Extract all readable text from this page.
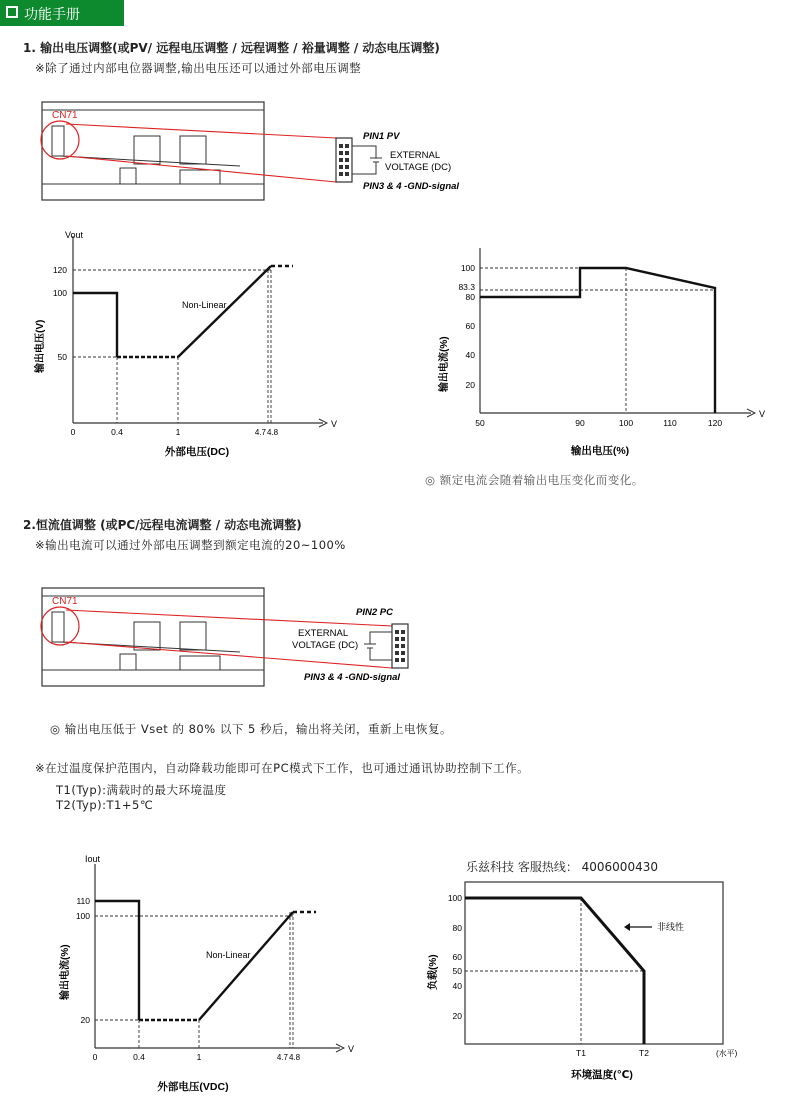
功能手册
1. 输出电压调整(或PV/ 远程电压调整 / 远程调整 / 裕量调整 / 动态电压调整)
※除了通过内部电位器调整,输出电压还可以通过外部电压调整
CN71
PIN1 PV
EXTERNAL
VOLTAGE (DC)
PIN3 & 4 -GND-signal
Vout
V
Non-Linear
120
100
50
0	0.4	1	4.7 4.8
输出电压(V)
外部电压(DC)
V
100
83.3
80
60
40
20
50	90	100	110	120
输出电流(%)
输出电压(%)
◎ 额定电流会随着输出电压变化而变化。
2.恒流值调整 (或PC/远程电流调整 / 动态电流调整)
※输出电流可以通过外部电压调整到额定电流的20~100%
CN71
PIN2 PC
EXTERNAL
VOLTAGE (DC)
PIN3 & 4 -GND-signal
◎ 输出电压低于 Vset 的 80% 以下 5 秒后，输出将关闭，重新上电恢复。
※在过温度保护范围内，自动降载功能即可在PC模式下工作，也可通过通讯协助控制下工作。
T1(Typ):满载时的最大环境温度
T2(Typ):T1+5℃
Iout
V
Non-Linear
110
100
20
0	0.4	1	4.7 4.8
输出电流(%)
外部电压(VDC)
乐兹科技 客服热线： 4006000430
非线性
100
80
60
50
40
20
T1	T2	(水平)
负载(%)
环境温度(℃)
